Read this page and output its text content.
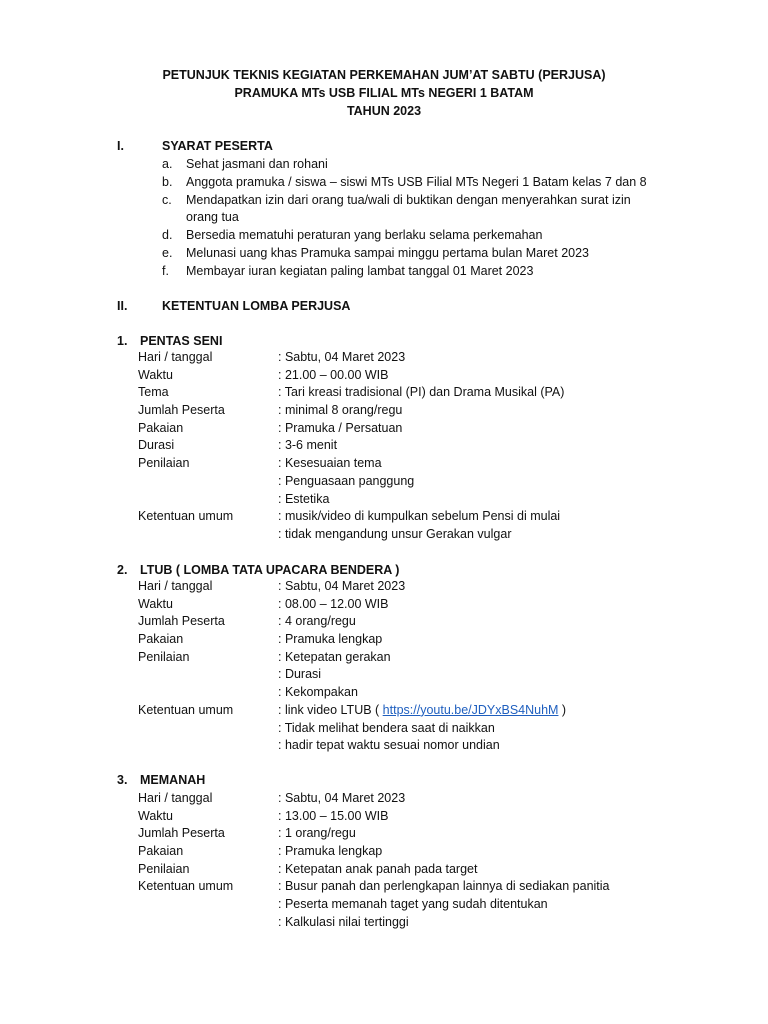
PETUNJUK TEKNIS KEGIATAN PERKEMAHAN JUM’AT SABTU (PERJUSA)
PRAMUKA MTs USB FILIAL MTs NEGERI 1 BATAM
TAHUN 2023
I.	SYARAT PESERTA
a. Sehat jasmani dan rohani
b. Anggota pramuka / siswa – siswi MTs USB Filial MTs Negeri 1 Batam kelas 7 dan 8
c. Mendapatkan izin dari orang tua/wali di buktikan dengan menyerahkan surat izin
orang tua
d. Bersedia mematuhi peraturan yang berlaku selama perkemahan
e. Melunasi uang khas Pramuka sampai minggu pertama bulan Maret 2023
f. Membayar iuran kegiatan paling lambat tanggal 01 Maret 2023
II.	KETENTUAN LOMBA PERJUSA
1. PENTAS SENI
Hari / tanggal	: Sabtu, 04 Maret 2023
Waktu	: 21.00 – 00.00 WIB
Tema	: Tari kreasi tradisional (PI) dan Drama Musikal (PA)
Jumlah Peserta	: minimal 8 orang/regu
Pakaian	: Pramuka / Persatuan
Durasi	: 3-6 menit
Penilaian	: Kesesuaian tema
: Penguasaan panggung
: Estetika
Ketentuan umum	: musik/video di kumpulkan sebelum Pensi di mulai
: tidak mengandung unsur Gerakan vulgar
2. LTUB ( LOMBA TATA UPACARA BENDERA )
Hari / tanggal	: Sabtu, 04 Maret 2023
Waktu	: 08.00 – 12.00 WIB
Jumlah Peserta	: 4 orang/regu
Pakaian	: Pramuka lengkap
Penilaian	: Ketepatan gerakan
: Durasi
: Kekompakan
Ketentuan umum	: link video LTUB ( https://youtu.be/JDYxBS4NuhM )
: Tidak melihat bendera saat di naikkan
: hadir tepat waktu sesuai nomor undian
3. MEMANAH
Hari / tanggal	: Sabtu, 04 Maret 2023
Waktu	: 13.00 – 15.00 WIB
Jumlah Peserta	: 1 orang/regu
Pakaian	: Pramuka lengkap
Penilaian	: Ketepatan anak panah pada target
Ketentuan umum	: Busur panah dan perlengkapan lainnya di sediakan panitia
: Peserta memanah taget yang sudah ditentukan
: Kalkulasi nilai tertinggi
